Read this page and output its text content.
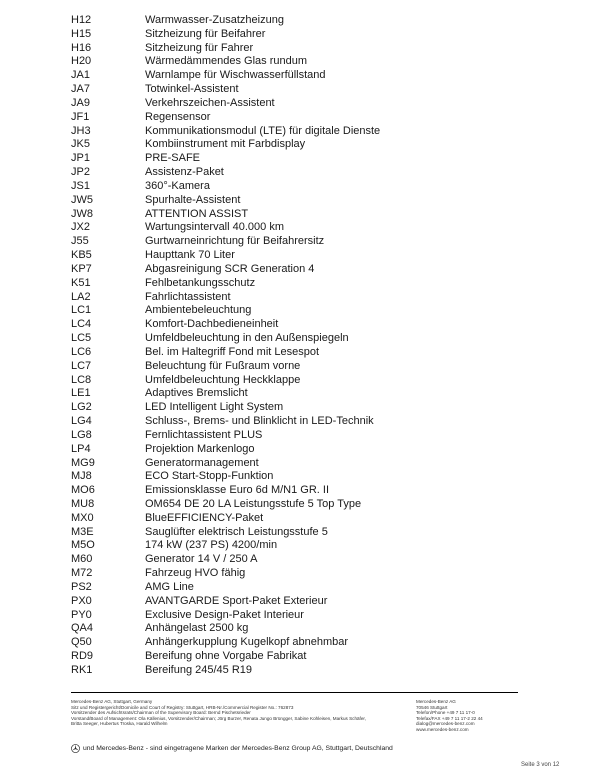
H12	Warmwasser-Zusatzheizung
H15	Sitzheizung für Beifahrer
H16	Sitzheizung für Fahrer
H20	Wärmedämmendes Glas rundum
JA1	Warnlampe für Wischwasserfüllstand
JA7	Totwinkel-Assistent
JA9	Verkehrszeichen-Assistent
JF1	Regensensor
JH3	Kommunikationsmodul (LTE) für digitale Dienste
JK5	Kombiinstrument mit Farbdisplay
JP1	PRE-SAFE
JP2	Assistenz-Paket
JS1	360°-Kamera
JW5	Spurhalte-Assistent
JW8	ATTENTION ASSIST
JX2	Wartungsintervall 40.000 km
J55	Gurtwarneinrichtung für Beifahrersitz
KB5	Haupttank 70 Liter
KP7	Abgasreinigung SCR Generation 4
K51	Fehlbetankungsschutz
LA2	Fahrlichtassistent
LC1	Ambientebeleuchtung
LC4	Komfort-Dachbedieneinheit
LC5	Umfeldbeleuchtung in den Außenspiegeln
LC6	Bel. im Haltegriff Fond mit Lesespot
LC7	Beleuchtung für Fußraum vorne
LC8	Umfeldbeleuchtung Heckklappe
LE1	Adaptives Bremslicht
LG2	LED Intelligent Light System
LG4	Schluss-, Brems- und Blinklicht in LED-Technik
LG8	Fernlichtassistent PLUS
LP4	Projektion Markenlogo
MG9	Generatormanagement
MJ8	ECO Start-Stopp-Funktion
MO6	Emissionsklasse Euro 6d M/N1 GR. II
MU8	OM654 DE 20 LA Leistungsstufe 5 Top Type
MX0	BlueEFFICIENCY-Paket
M3E	Sauglüfter elektrisch Leistungsstufe 5
M5O	174 kW (237 PS) 4200/min
M60	Generator 14 V / 250 A
M72	Fahrzeug HVO fähig
PS2	AMG Line
PX0	AVANTGARDE Sport-Paket Exterieur
PY0	Exclusive Design-Paket Interieur
QA4	Anhängelast 2500 kg
Q50	Anhängerkupplung Kugelkopf abnehmbar
RD9	Bereifung ohne Vorgabe Fabrikat
RK1	Bereifung 245/45 R19
Mercedes-Benz AG, Stuttgart, Germany
Sitz und Registergericht/Domicile and Court of Registry: Stuttgart, HRB-Nr./Commercial Register No.: 762873
Vorsitzender des Aufsichtsrats/Chairman of the Supervisory Board: Bernd Pischetsrieder
Vorstand/Board of Management: Ola Källenius, Vorsitzender/Chairman; Jörg Burzer, Renata Jungo Brüngger, Sabine Kohleisen, Markus Schäfer,
Britta Seeger, Hubertus Troska, Harald Wilhelm
Mercedes-Benz AG
70546 Stuttgart
Telefon/Phone +49 7 11 17-0
Telefax/FAX +49 7 11 17-2 22 44
dialog@mercedes-benz.com
www.mercedes-benz.com
und Mercedes-Benz - sind eingetragene Marken der Mercedes-Benz Group AG, Stuttgart, Deutschland
Seite 3 von 12
